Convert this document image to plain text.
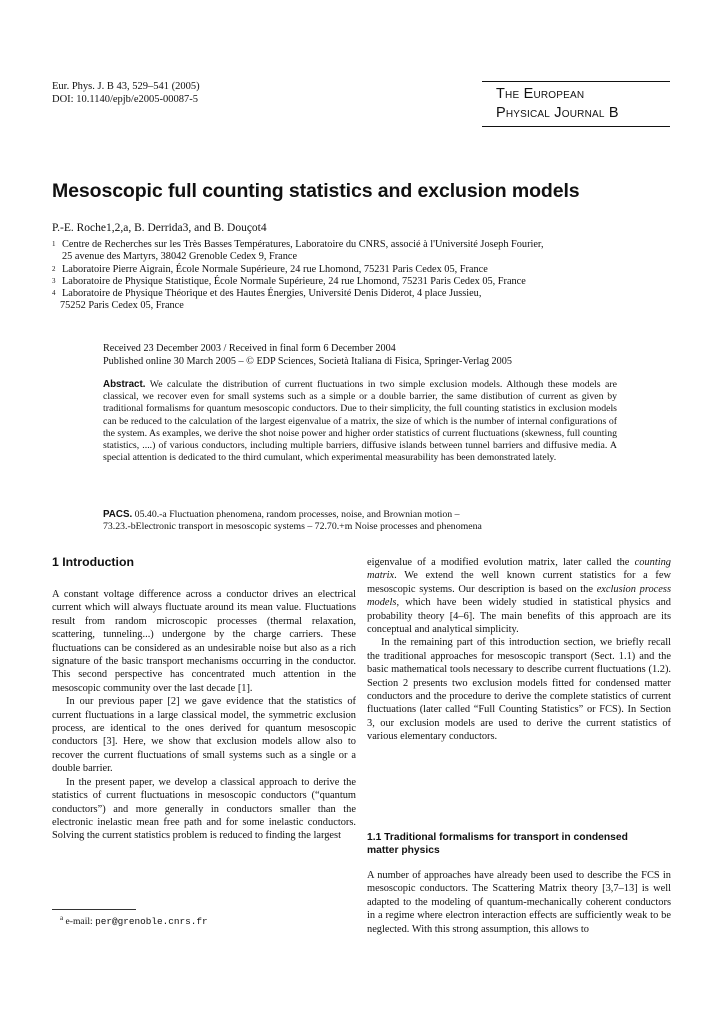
Eur. Phys. J. B 43, 529–541 (2005)
DOI: 10.1140/epjb/e2005-00087-5	The European
Physical Journal B
Mesoscopic full counting statistics and exclusion models
P.-E. Roche1,2,a, B. Derrida3, and B. Douçot4
1 Centre de Recherches sur les Très Basses Températures, Laboratoire du CNRS, associé à l'Université Joseph Fourier,
25 avenue des Martyrs, 38042 Grenoble Cedex 9, France
2 Laboratoire Pierre Aigrain, École Normale Supérieure, 24 rue Lhomond, 75231 Paris Cedex 05, France
3 Laboratoire de Physique Statistique, École Normale Supérieure, 24 rue Lhomond, 75231 Paris Cedex 05, France
4 Laboratoire de Physique Théorique et des Hautes Énergies, Université Denis Diderot, 4 place Jussieu,
75252 Paris Cedex 05, France
Received 23 December 2003 / Received in final form 6 December 2004
Published online 30 March 2005 – © EDP Sciences, Società Italiana di Fisica, Springer-Verlag 2005
Abstract. We calculate the distribution of current fluctuations in two simple exclusion models. Although these models are classical, we recover even for small systems such as a simple or a double barrier, the same distibution of current as given by traditional formalisms for quantum mesoscopic conductors. Due to their simplicity, the full counting statistics in exclusion models can be reduced to the calculation of the largest eigenvalue of a matrix, the size of which is the number of internal configurations of the system. As examples, we derive the shot noise power and higher order statistics of current fluctuations (skewness, full counting statistics, ....) of various conductors, including multiple barriers, diffusive islands between tunnel barriers and diffusive media. A special attention is dedicated to the third cumulant, which experimental measurability has been demonstrated lately.
PACS. 05.40.-a Fluctuation phenomena, random processes, noise, and Brownian motion –
73.23.-bElectronic transport in mesoscopic systems – 72.70.+m Noise processes and phenomena
1 Introduction

A constant voltage difference across a conductor drives an electrical current which will always fluctuate around its mean value. Fluctuations result from random microscopic processes (thermal relaxation, scattering, tunneling...) undergone by the charge carriers. These fluctuations can be considered as an undesirable noise but also as a rich signature of the basic transport mechanisms occurring in the conductor. This second perspective has concentrated much attention in the mesoscopic community over the last decade [1].

In our previous paper [2] we gave evidence that the statistics of current fluctuations in a large classical model, the symmetric exclusion process, are identical to the ones derived for quantum mesoscopic conductors [3]. Here, we show that exclusion models allow also to recover the current fluctuations of small systems such as a single or a double barrier.

In the present paper, we develop a classical approach to derive the statistics of current fluctuations in mesoscopic conductors (“quantum conductors”) and more generally in conductors smaller than the electronic inelastic mean free path and for some inelastic conductors. Solving the current statistics problem is reduced to finding the largest

$^a$ e-mail: per@grenoble.cnrs.fr

eigenvalue of a modified evolution matrix, later called the counting matrix. We extend the well known current statistics for a few mesoscopic systems. Our description is based on the exclusion process models, which have been widely studied in statistical physics and probability theory [4–6]. The main benefits of this approach are its conceptual and analytical simplicity.

In the remaining part of this introduction section, we briefly recall the traditional approaches for mesoscopic transport (Sect. 1.1) and the basic mathematical tools necessary to describe current fluctuations (1.2). Section 2 presents two exclusion models fitted for condensed matter conductors and the procedure to derive the complete statistics of current fluctuations (later called “Full Counting Statistics” or FCS). In Section 3, our exclusion models are used to derive the current statistics of various elementary conductors.

1.1 Traditional formalisms for transport in condensed
matter physics

A number of approaches have already been used to describe the FCS in mesoscopic conductors. The Scattering Matrix theory [3,7–13] is well adapted to the modeling of quantum-mechanically coherent conductors in a regime where electron interaction effects are sufficiently weak to be neglected. With this strong assumption, this allows to
